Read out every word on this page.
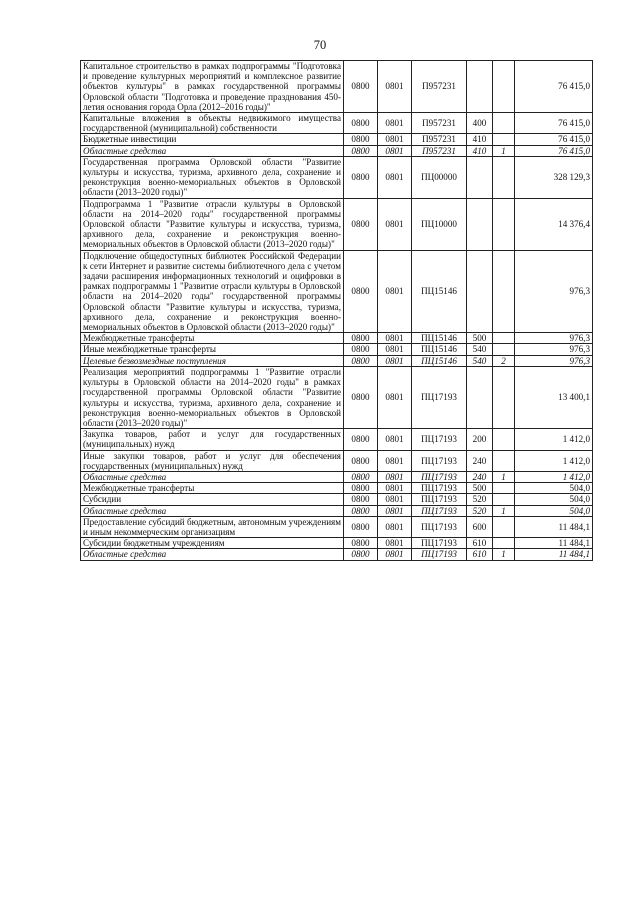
70
Капитальное строительство в рамках подпрограммы "Подготовка и проведение культурных мероприятий и комплексное развитие объектов культуры" в рамках государственной программы Орловской области "Подготовка и проведение празднования 450-летия основания города Орла (2012–2016 годы)"	0800	0801	П957231			76 415,0
Капитальные вложения в объекты недвижимого имущества государственной (муниципальной) собственности	0800	0801	П957231	400		76 415,0
Бюджетные инвестиции	0800	0801	П957231	410		76 415,0
Областные средства	0800	0801	П957231	410	1	76 415,0
Государственная программа Орловской области "Развитие культуры и искусства, туризма, архивного дела, сохранение и реконструкция военно-мемориальных объектов в Орловской области (2013–2020 годы)"	0800	0801	ПЦ00000			328 129,3
Подпрограмма 1 "Развитие отрасли культуры в Орловской области на 2014–2020 годы" государственной программы Орловской области "Развитие культуры и искусства, туризма, архивного дела, сохранение и реконструкция военно-мемориальных объектов в Орловской области (2013–2020 годы)"	0800	0801	ПЦ10000			14 376,4
Подключение общедоступных библиотек Российской Федерации к сети Интернет и развитие системы библиотечного дела с учетом задачи расширения информационных технологий и оцифровки в рамках подпрограммы 1 "Развитие отрасли культуры в Орловской области на 2014–2020 годы" государственной программы Орловской области "Развитие культуры и искусства, туризма, архивного дела, сохранение и реконструкция военно-мемориальных объектов в Орловской области (2013–2020 годы)"	0800	0801	ПЦ15146			976,3
Межбюджетные трансферты	0800	0801	ПЦ15146	500		976,3
Иные межбюджетные трансферты	0800	0801	ПЦ15146	540		976,3
Целевые безвозмездные поступления	0800	0801	ПЦ15146	540	2	976,3
Реализация мероприятий подпрограммы 1 "Развитие отрасли культуры в Орловской области на 2014–2020 годы" в рамках государственной программы Орловской области "Развитие культуры и искусства, туризма, архивного дела, сохранение и реконструкция военно-мемориальных объектов в Орловской области (2013–2020 годы)"	0800	0801	ПЦ17193			13 400,1
Закупка товаров, работ и услуг для государственных (муниципальных) нужд	0800	0801	ПЦ17193	200		1 412,0
Иные закупки товаров, работ и услуг для обеспечения государственных (муниципальных) нужд	0800	0801	ПЦ17193	240		1 412,0
Областные средства	0800	0801	ПЦ17193	240	1	1 412,0
Межбюджетные трансферты	0800	0801	ПЦ17193	500		504,0
Субсидии	0800	0801	ПЦ17193	520		504,0
Областные средства	0800	0801	ПЦ17193	520	1	504,0
Предоставление субсидий бюджетным, автономным учреждениям и иным некоммерческим организациям	0800	0801	ПЦ17193	600		11 484,1
Субсидии бюджетным учреждениям	0800	0801	ПЦ17193	610		11 484,1
Областные средства	0800	0801	ПЦ17193	610	1	11 484,1
